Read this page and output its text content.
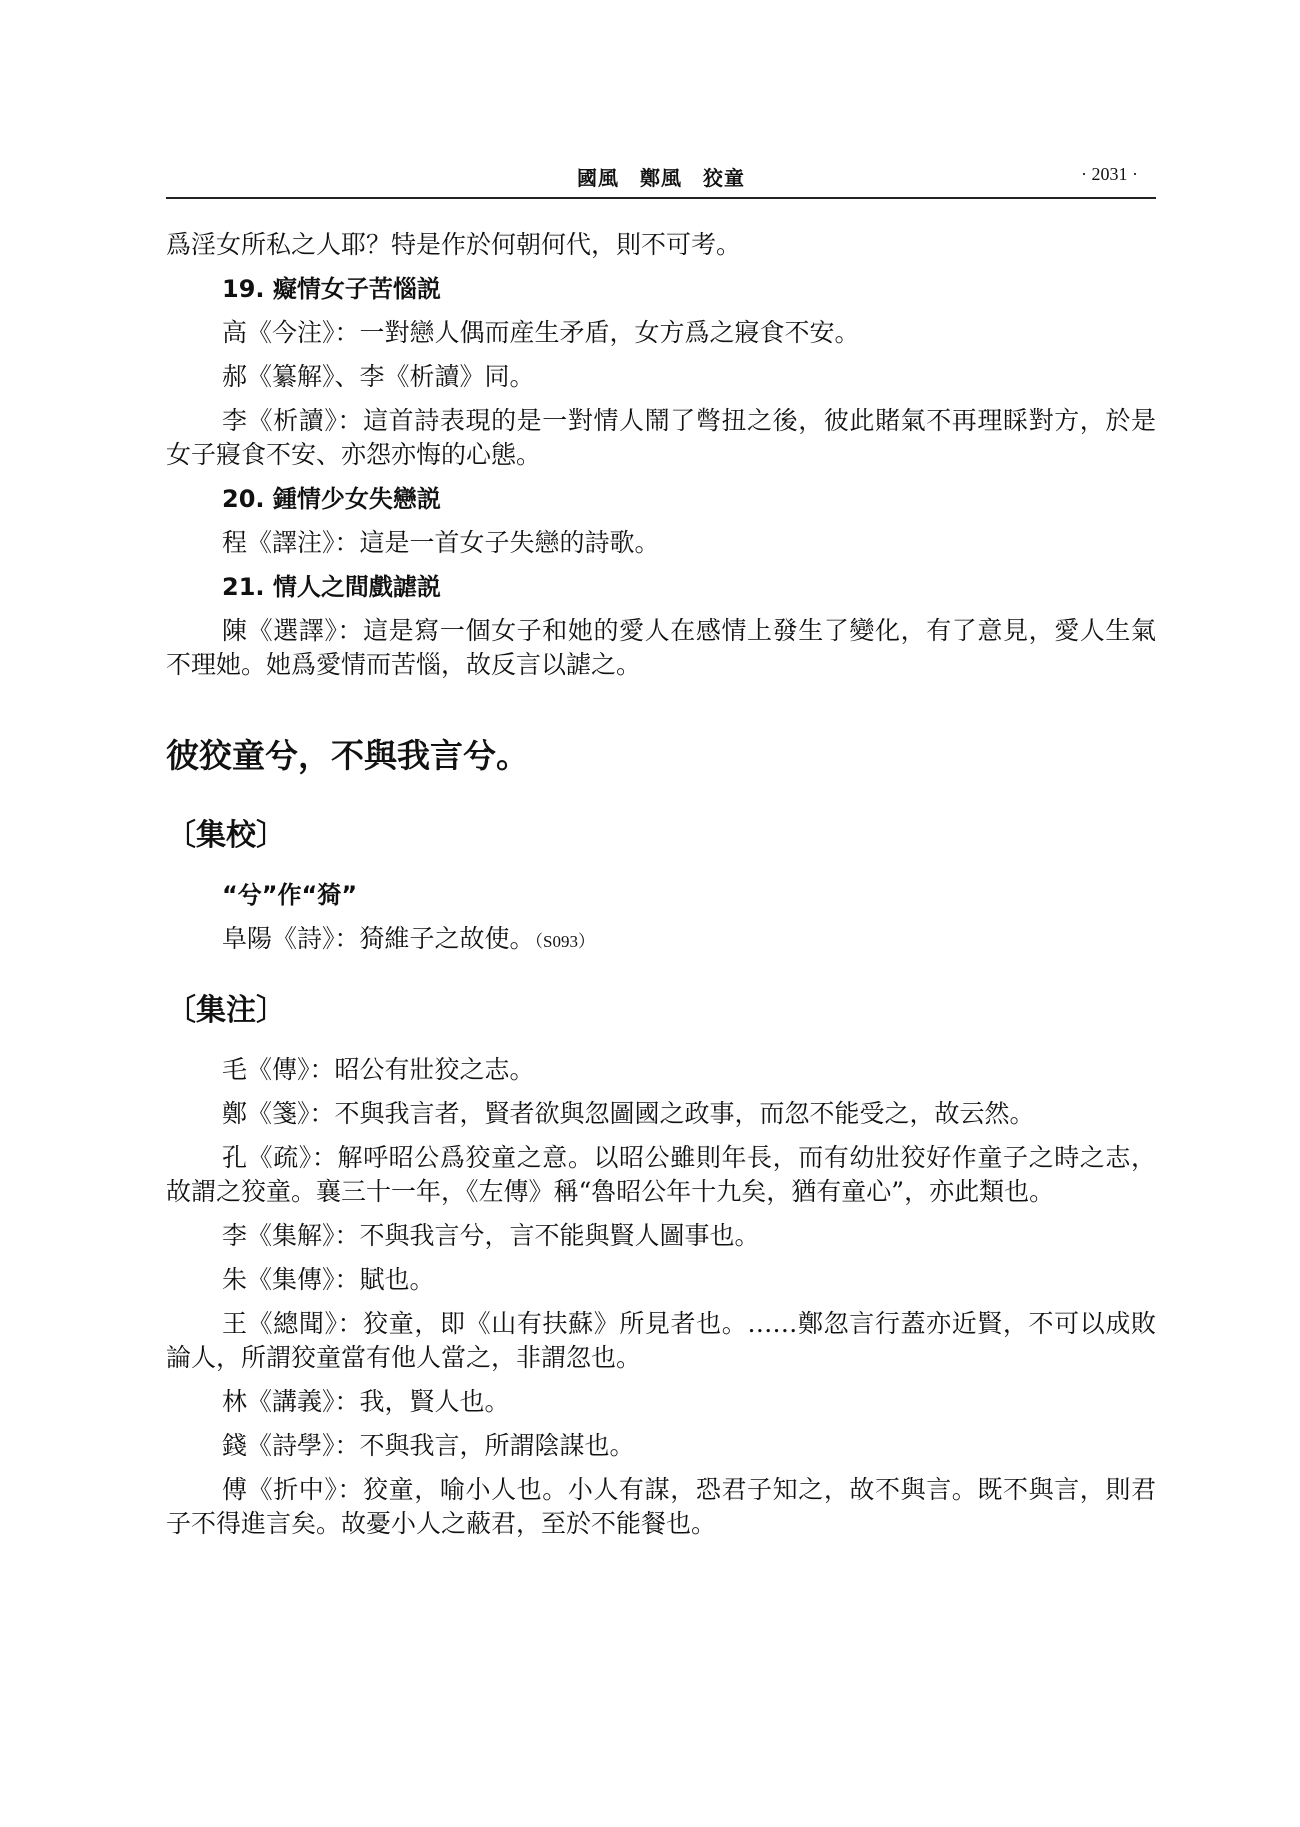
國風　鄭風　狡童	· 2031 ·

爲淫女所私之人耶？特是作於何朝何代，則不可考。

19. 癡情女子苦惱説

高《今注》：一對戀人偶而産生矛盾，女方爲之寢食不安。

郝《纂解》、李《析讀》同。

李《析讀》：這首詩表現的是一對情人鬧了彆扭之後，彼此賭氣不再理睬對方，於是女子寢食不安、亦怨亦悔的心態。

20. 鍾情少女失戀説

程《譯注》：這是一首女子失戀的詩歌。

21. 情人之間戲謔説

陳《選譯》：這是寫一個女子和她的愛人在感情上發生了變化，有了意見，愛人生氣不理她。她爲愛情而苦惱，故反言以謔之。

彼狡童兮，不與我言兮。
〔集校〕

“兮”作“猗”

阜陽《詩》：猗維子之故使。（S093）

〔集注〕

毛《傳》：昭公有壯狡之志。

鄭《箋》：不與我言者，賢者欲與忽圖國之政事，而忽不能受之，故云然。

孔《疏》：解呼昭公爲狡童之意。以昭公雖則年長，而有幼壯狡好作童子之時之志，故謂之狡童。襄三十一年，《左傳》稱“魯昭公年十九矣，猶有童心”，亦此類也。

李《集解》：不與我言兮，言不能與賢人圖事也。

朱《集傳》：賦也。

王《總聞》：狡童，即《山有扶蘇》所見者也。……鄭忽言行蓋亦近賢，不可以成敗論人，所謂狡童當有他人當之，非謂忽也。

林《講義》：我，賢人也。

錢《詩學》：不與我言，所謂陰謀也。

傅《折中》：狡童，喻小人也。小人有謀，恐君子知之，故不與言。既不與言，則君子不得進言矣。故憂小人之蔽君，至於不能餐也。
